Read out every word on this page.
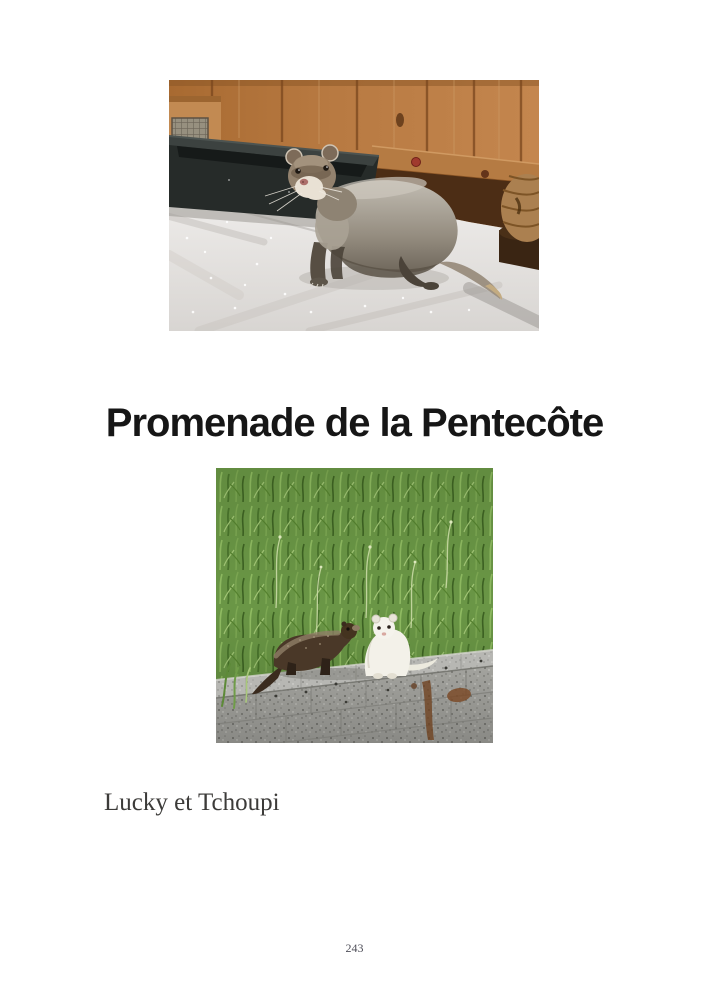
Promenade de la Pentecôte

Lucky et Tchoupi

243
